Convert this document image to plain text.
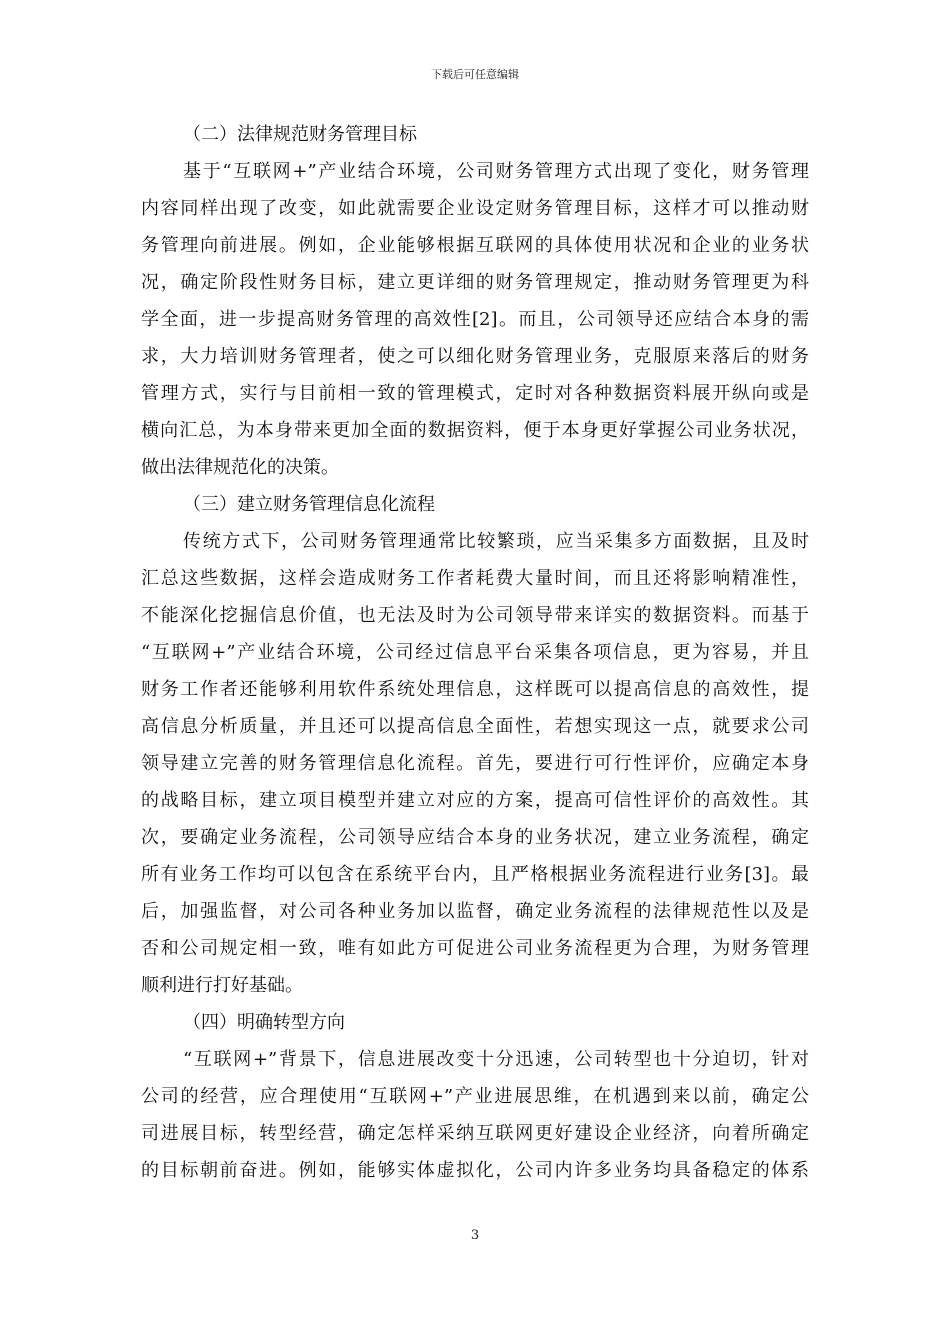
下载后可任意编辑
（二）法律规范财务管理目标
基于“互联网+”产业结合环境，公司财务管理方式出现了变化，财务管理
内容同样出现了改变，如此就需要企业设定财务管理目标，这样才可以推动财
务管理向前进展。例如，企业能够根据互联网的具体使用状况和企业的业务状
况，确定阶段性财务目标，建立更详细的财务管理规定，推动财务管理更为科
学全面，进一步提高财务管理的高效性[2]。而且，公司领导还应结合本身的需
求，大力培训财务管理者，使之可以细化财务管理业务，克服原来落后的财务
管理方式，实行与目前相一致的管理模式，定时对各种数据资料展开纵向或是
横向汇总，为本身带来更加全面的数据资料，便于本身更好掌握公司业务状况，
做出法律规范化的决策。
（三）建立财务管理信息化流程
传统方式下，公司财务管理通常比较繁琐，应当采集多方面数据，且及时
汇总这些数据，这样会造成财务工作者耗费大量时间，而且还将影响精准性，
不能深化挖掘信息价值，也无法及时为公司领导带来详实的数据资料。而基于
“互联网+”产业结合环境，公司经过信息平台采集各项信息，更为容易，并且
财务工作者还能够利用软件系统处理信息，这样既可以提高信息的高效性，提
高信息分析质量，并且还可以提高信息全面性，若想实现这一点，就要求公司
领导建立完善的财务管理信息化流程。首先，要进行可行性评价，应确定本身
的战略目标，建立项目模型并建立对应的方案，提高可信性评价的高效性。其
次，要确定业务流程，公司领导应结合本身的业务状况，建立业务流程，确定
所有业务工作均可以包含在系统平台内，且严格根据业务流程进行业务[3]。最
后，加强监督，对公司各种业务加以监督，确定业务流程的法律规范性以及是
否和公司规定相一致，唯有如此方可促进公司业务流程更为合理，为财务管理
顺利进行打好基础。
（四）明确转型方向
“互联网+”背景下，信息进展改变十分迅速，公司转型也十分迫切，针对
公司的经营，应合理使用“互联网+”产业进展思维，在机遇到来以前，确定公
司进展目标，转型经营，确定怎样采纳互联网更好建设企业经济，向着所确定
的目标朝前奋进。例如，能够实体虚拟化，公司内许多业务均具备稳定的体系
3
